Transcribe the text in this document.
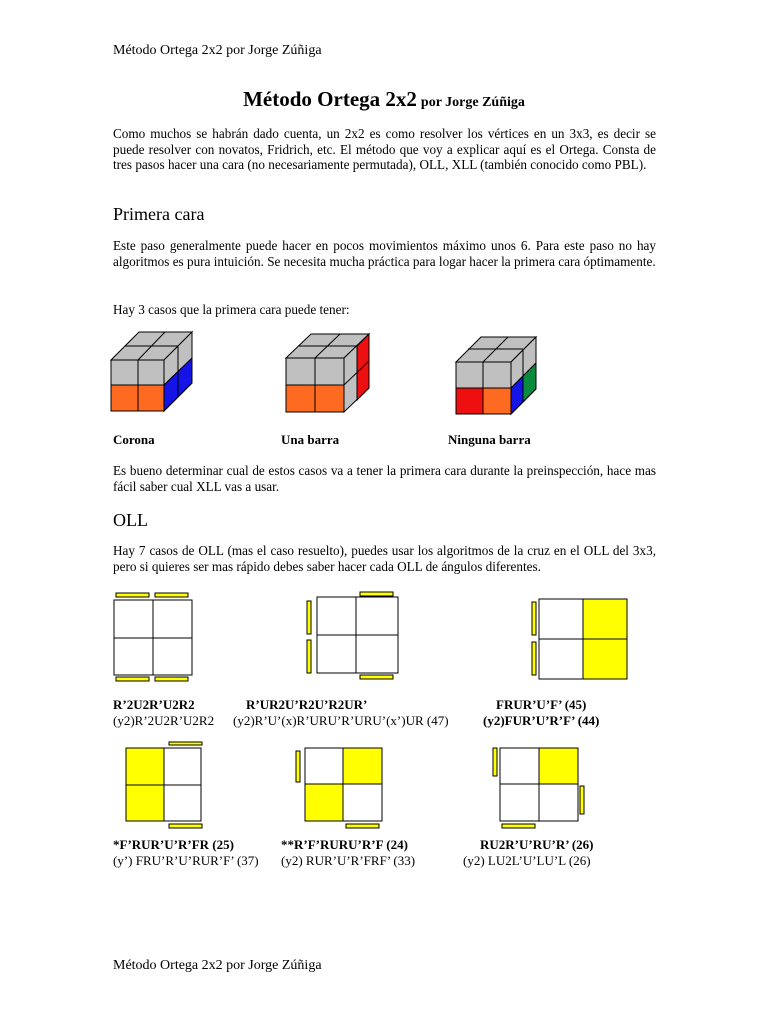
Método Ortega 2x2 por Jorge Zúñiga
Método Ortega 2x2 por Jorge Zúñiga
Como muchos se habrán dado cuenta, un 2x2 es como resolver los vértices en un 3x3, es decir se puede resolver con novatos, Fridrich, etc. El método que voy a explicar aquí es el Ortega. Consta de tres pasos hacer una cara (no necesariamente permutada), OLL, XLL (también conocido como PBL).
Primera cara
Este paso generalmente puede hacer en pocos movimientos máximo unos 6. Para este paso no hay algoritmos es pura intuición. Se necesita mucha práctica para logar hacer la primera cara óptimamente.
Hay 3 casos que la primera cara puede tener:
Corona	Una barra	Ninguna barra
Es bueno determinar cual de estos casos va a tener la primera cara durante la preinspección, hace mas fácil saber cual XLL vas a usar.
OLL
Hay 7 casos de OLL (mas el caso resuelto), puedes usar los algoritmos de la cruz en el OLL del 3x3, pero si quieres ser mas rápido debes saber hacer cada OLL de ángulos diferentes.
R’2U2R’U2R2
(y2)R’2U2R’U2R2
R’UR2U’R2U’R2UR’
(y2)R’U’(x)R’URU’R’URU’(x’)UR (47)
FRUR’U’F’ (45)
(y2)FUR’U’R’F’ (44)
*F’RUR’U’R’FR (25)
(y’) FRU’R’U’RUR’F’ (37)
**R’F’RURU’R’F (24)
(y2) RUR’U’R’FRF’ (33)
RU2R’U’RU’R’ (26)
(y2) LU2L’U’LU’L (26)
Método Ortega 2x2 por Jorge Zúñiga
